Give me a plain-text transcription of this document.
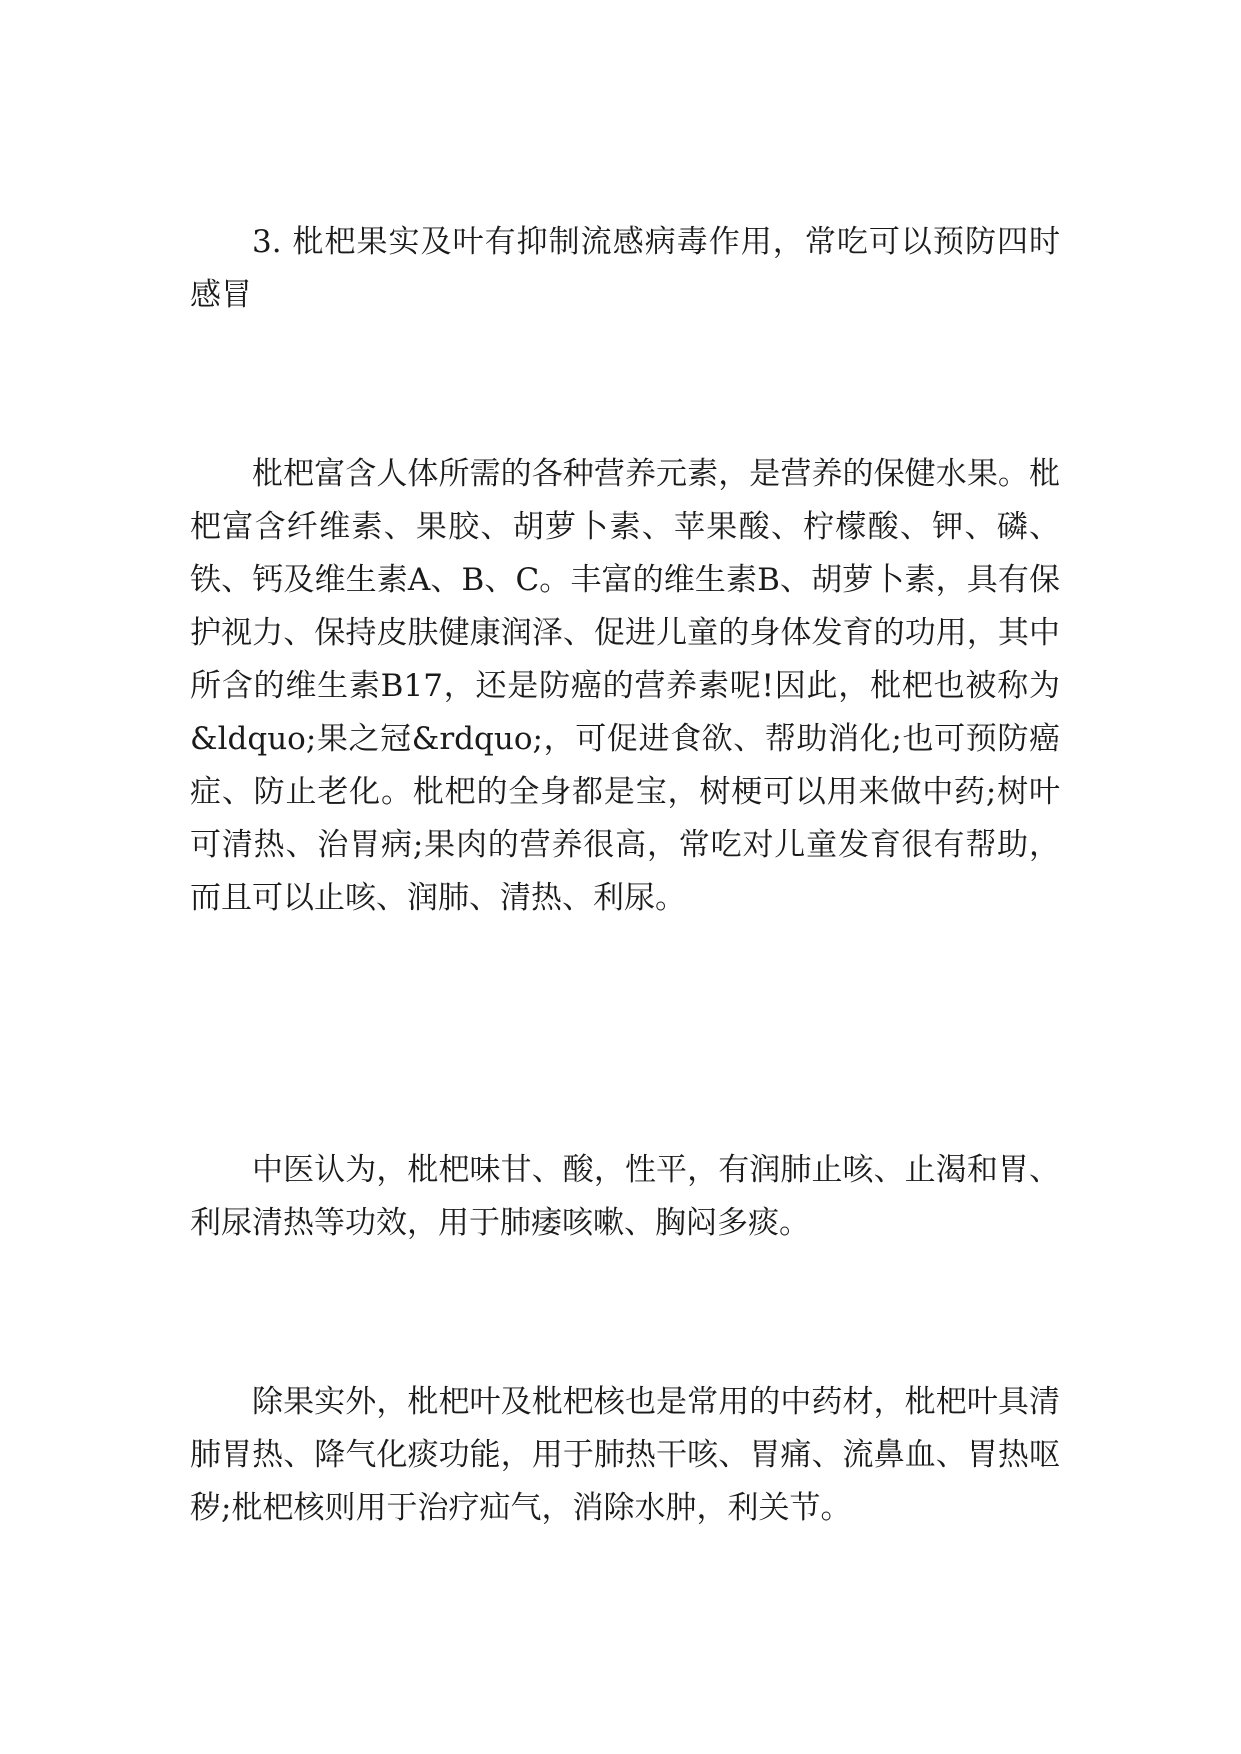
3. 枇杷果实及叶有抑制流感病毒作用，常吃可以预防四时感冒

枇杷富含人体所需的各种营养元素，是营养的保健水果。枇杷富含纤维素、果胶、胡萝卜素、苹果酸、柠檬酸、钾、磷、铁、钙及维生素A、B、C。丰富的维生素B、胡萝卜素，具有保护视力、保持皮肤健康润泽、促进儿童的身体发育的功用，其中所含的维生素B17，还是防癌的营养素呢!因此，枇杷也被称为&ldquo;果之冠&rdquo;，可促进食欲、帮助消化;也可预防癌症、防止老化。枇杷的全身都是宝，树梗可以用来做中药;树叶可清热、治胃病;果肉的营养很高，常吃对儿童发育很有帮助，而且可以止咳、润肺、清热、利尿。

中医认为，枇杷味甘、酸，性平，有润肺止咳、止渴和胃、利尿清热等功效，用于肺痿咳嗽、胸闷多痰。

除果实外，枇杷叶及枇杷核也是常用的中药材，枇杷叶具清肺胃热、降气化痰功能，用于肺热干咳、胃痛、流鼻血、胃热呕秽;枇杷核则用于治疗疝气，消除水肿，利关节。
